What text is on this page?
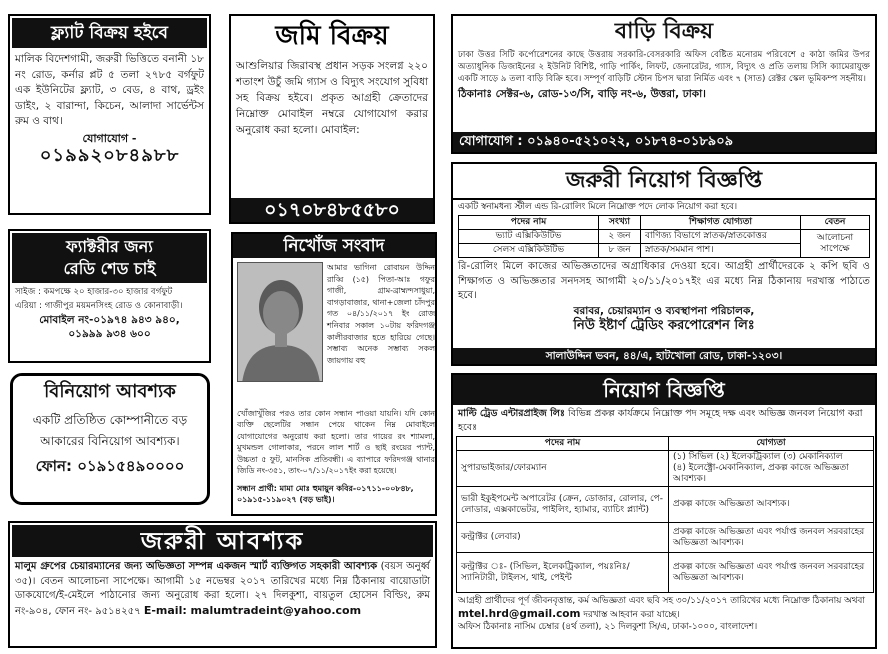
ফ্ল্যাট বিক্রয় হইবে
মালিক বিদেশগামী, জরুরী ভিত্তিতে বনানী ১৮ নং রোড, কর্নার প্লট ৫ তলা ২৭৮৫ বর্গফুট এক ইউনিটের ফ্ল্যাট, ৩ বেড, ৪ বাথ, ড্রইং ডাইং, ২ বারান্দা, কিচেন, আলাদা সার্ভেন্টস রুম ও বাথ।
যোগাযোগ -
০১৯৯২০৮৪৯৮৮
জমি বিক্রয়
আশুলিয়ার জিরাবস্থ প্রধান সড়ক সংলগ্ন ২২০ শতাংশ উচুঁ জমি গ্যাস ও বিদ্যুৎ সংযোগ সুবিধা সহ বিক্রয় হইবে। প্রকৃত আগ্রহী ক্রেতাদের নিম্নোক্ত মোবাইল নম্বরে যোগাযোগ করার অনুরোধ করা হলো। মোবাইল:
০১৭০৮৪৮৫৫৮০
বাড়ি বিক্রয়
ঢাকা উত্তর সিটি কর্পোরেশনের কাছে উত্তরায় সরকারি-বেসরকারি অফিস বেষ্টিত মনোরম পরিবেশে ৫ কাঠা জমির উপর অত্যাধুনিক ডিজাইনের ২ ইউনিট বিশিষ্ট, গাড়ি পার্কিং, লিফট, জেনারেটর, গ্যাস, বিদ্যুৎ ও প্রতি তলায় সিসি ক্যামেরাযুক্ত একটি সাড়ে ৯ তলা বাড়ি বিক্রি হবে। সম্পূর্ণ বাড়িটি স্টোন চিপস দ্বারা নির্মিত এবং ৭ (সাত) রেক্টর স্কেল ভূমিকম্প সহনীয়।
ঠিকানাঃ সেক্টর-৬, রোড-১৩/সি, বাড়ি নং-৬, উত্তরা, ঢাকা।
যোগাযোগ : ০১৯৪০-৫২১০২২, ০১৮৭৪-০১৮৯০৯
ফ্যাক্টরীর জন্য
রেডি শেড চাই
সাইজ : কমপক্ষে ২০ হাজার-৩০ হাজার বর্গফুট
এরিয়া : গাজীপুর ময়মনসিংহ রোড ও কোনাবাড়ী।
মোবাইল নং-০১৯৭৪ ৯৪৩ ৯৪০,
০১৯৯৯ ৯৩৪ ৬০০
নিখোঁজ সংবাদ
আমার ভাগিনা রোবায়ন উদ্দিন রাব্বি (১৫) পিতা-আঃ গফুর গাজী, গ্রাম-ব্রাহ্মন্দসাধুয়া, বাগড়াবাজার, থানা+জেলা চাঁদপুর গত ০৪/১১/২০১৭ ইং রোজ শনিবার সকাল ১০টায় ফরিদগঞ্জ কালীরবাজার হতে হারিয়ে গেছে। সম্ভাব্য অনেক সম্ভাব্য সকল জায়গায় বহু
খোঁজাখুঁজির পরও তার কোন সন্ধান পাওয়া যায়নি। যদি কোন ব্যক্তি ছেলেটির সন্ধান পেয়ে থাকেন নিম্ন মোবাইলে যোগাযোগের অনুরোধ করা হলো। তার গায়ের রং শ্যামলা, মুখমন্ডল গোলাকার, পরনে লাল শার্ট ও ছাই রংয়ের প্যান্ট, উচ্চতা ৫ ফুট, মানসিক প্রতিবন্ধী। এ ব্যাপারে ফরিদগঞ্জ থানার জিডি নং-৩৫১, তাং-০৭/১১/২০১৭ইং করা হয়েছে।
সন্ধান প্রার্থী: মামা মোঃ হুমায়ুন কবির-০১৭১১-০০৮৪৮, ০১৯১৫-১১৯০২৭ (বড় ভাই)।
জরুরী নিয়োগ বিজ্ঞপ্তি
একটি স্বনামধন্য স্টীল এন্ড রি-রোলিং মিলে নিম্নোক্ত পদে লোক নিয়োগ করা হবে।
পদের নাম	সংখ্যা	শিক্ষাগত যোগ্যতা	বেতন
ভ্যাট এক্সিকিউটিভ	২ জন	বাণিজ্য বিভাগে স্নাতক/স্নাতকোত্তর	আলোচনা সাপেক্ষে
সেলস এক্সিকিউটিভ	৮ জন	স্নাতক/সমমান পাশ।	
রি-রোলিং মিলে কাজের অভিজ্ঞতাদের অগ্রাধিকার দেওয়া হবে। আগ্রহী প্রার্থীদেরকে ২ কপি ছবি ও শিক্ষাগত ও অভিজ্ঞতার সনদসহ আগামী ২০/১১/২০১৭ইং এর মধ্যে নিম্ন ঠিকানায় দরখাস্ত পাঠাতে হবে।
বরাবর, চেয়ারম্যান ও ব্যবস্থাপনা পরিচালক,
নিউ ইষ্টার্ণ ট্রেডিং করপোরেশন লিঃ
সালাউদ্দিন ভবন, ৪৪/এ, হাটখোলা রোড, ঢাকা-১২০৩।
বিনিয়োগ আবশ্যক
একটি প্রতিষ্ঠিত কোম্পানীতে বড় আকারের বিনিয়োগ আবশ্যক।
ফোন: ০১৯১৫৪৯০০০০
নিয়োগ বিজ্ঞপ্তি
মাল্টি ট্রেড এন্টারপ্রাইজ লিঃ বিভিন্ন প্রকল্প কার্যক্রমে নিম্নোক্ত পদ সমূহে দক্ষ এবং অভিজ্ঞ জনবল নিয়োগ করা হবেঃ
পদের নাম	যোগ্যতা
সুপারভাইজার/ফোরম্যান	(১) সিভিল (২) ইলেকট্রিক্যাল (৩) মেকানিক্যাল
(৪) ইলেক্ট্রো-মেকানিক্যাল, প্রকল্প কাজে অভিজ্ঞতা আবশ্যক।
ভারী ইকুইপমেন্ট অপারেটর (ক্রেন, ডোজার, রোলার, পে-লোডার, এক্সকাভেটর, পাইলিং, হ্যামার, ব্যাচিং প্ল্যান্ট)	প্রকল্প কাজে অভিজ্ঞতা আবশ্যক।
কন্ট্রাক্টর (লেবার)	প্রকল্প কাজে অভিজ্ঞতা এবং পর্যাপ্ত জনবল সরবরাহের অভিজ্ঞতা আবশ্যক।
কন্ট্রাক্টর ঃ- (সিভিল, ইলেকট্রিক্যাল, পয়ঃনিঃ/স্যানিটারী, টাইলস, থাই, পেইন্ট	প্রকল্প কাজে অভিজ্ঞতা এবং পর্যাপ্ত জনবল সরবরাহের অভিজ্ঞতা আবশ্যক।
আগ্রহী প্রার্থীদের পূর্ণ জীবনবৃত্তান্ত, কর্ম অভিজ্ঞতা এবং ছবি সহ ৩০/১১/২০১৭ তারিখের মধ্যে নিম্নোক্ত ঠিকানায় অথবা mtel.hrd@gmail.com দরখাস্ত আহবান করা যাচ্ছে।
অফিস ঠিকানাঃ নাসিম চেম্বার (৪র্থ তলা), ২১ দিলকুশা সি/এ, ঢাকা-১০০০, বাংলাদেশ।
জরুরী আবশ্যক
মালুম গ্রুপের চেয়ারম্যানের জন্য অভিজ্ঞতা সম্পন্ন একজন স্মার্ট ব্যক্তিগত সহকারী আবশ্যক (বয়স অনুর্ধ্ব ৩৫)। বেতন আলোচনা সাপেক্ষে। আগামী ১৫ নভেম্বর ২০১৭ তারিখের মধ্যে নিম্ন ঠিকানায় বায়োডাটা ডাকযোগে/ই-মেইলে পাঠানোর জন্য অনুরোধ করা হলো। ২৭ দিলকুশা, বায়তুল হোসেন বিল্ডিং, রুম নং-৯০৪, ফোন নং- ৯৫১৪২৫৭ E-mail: malumtradeint@yahoo.com
